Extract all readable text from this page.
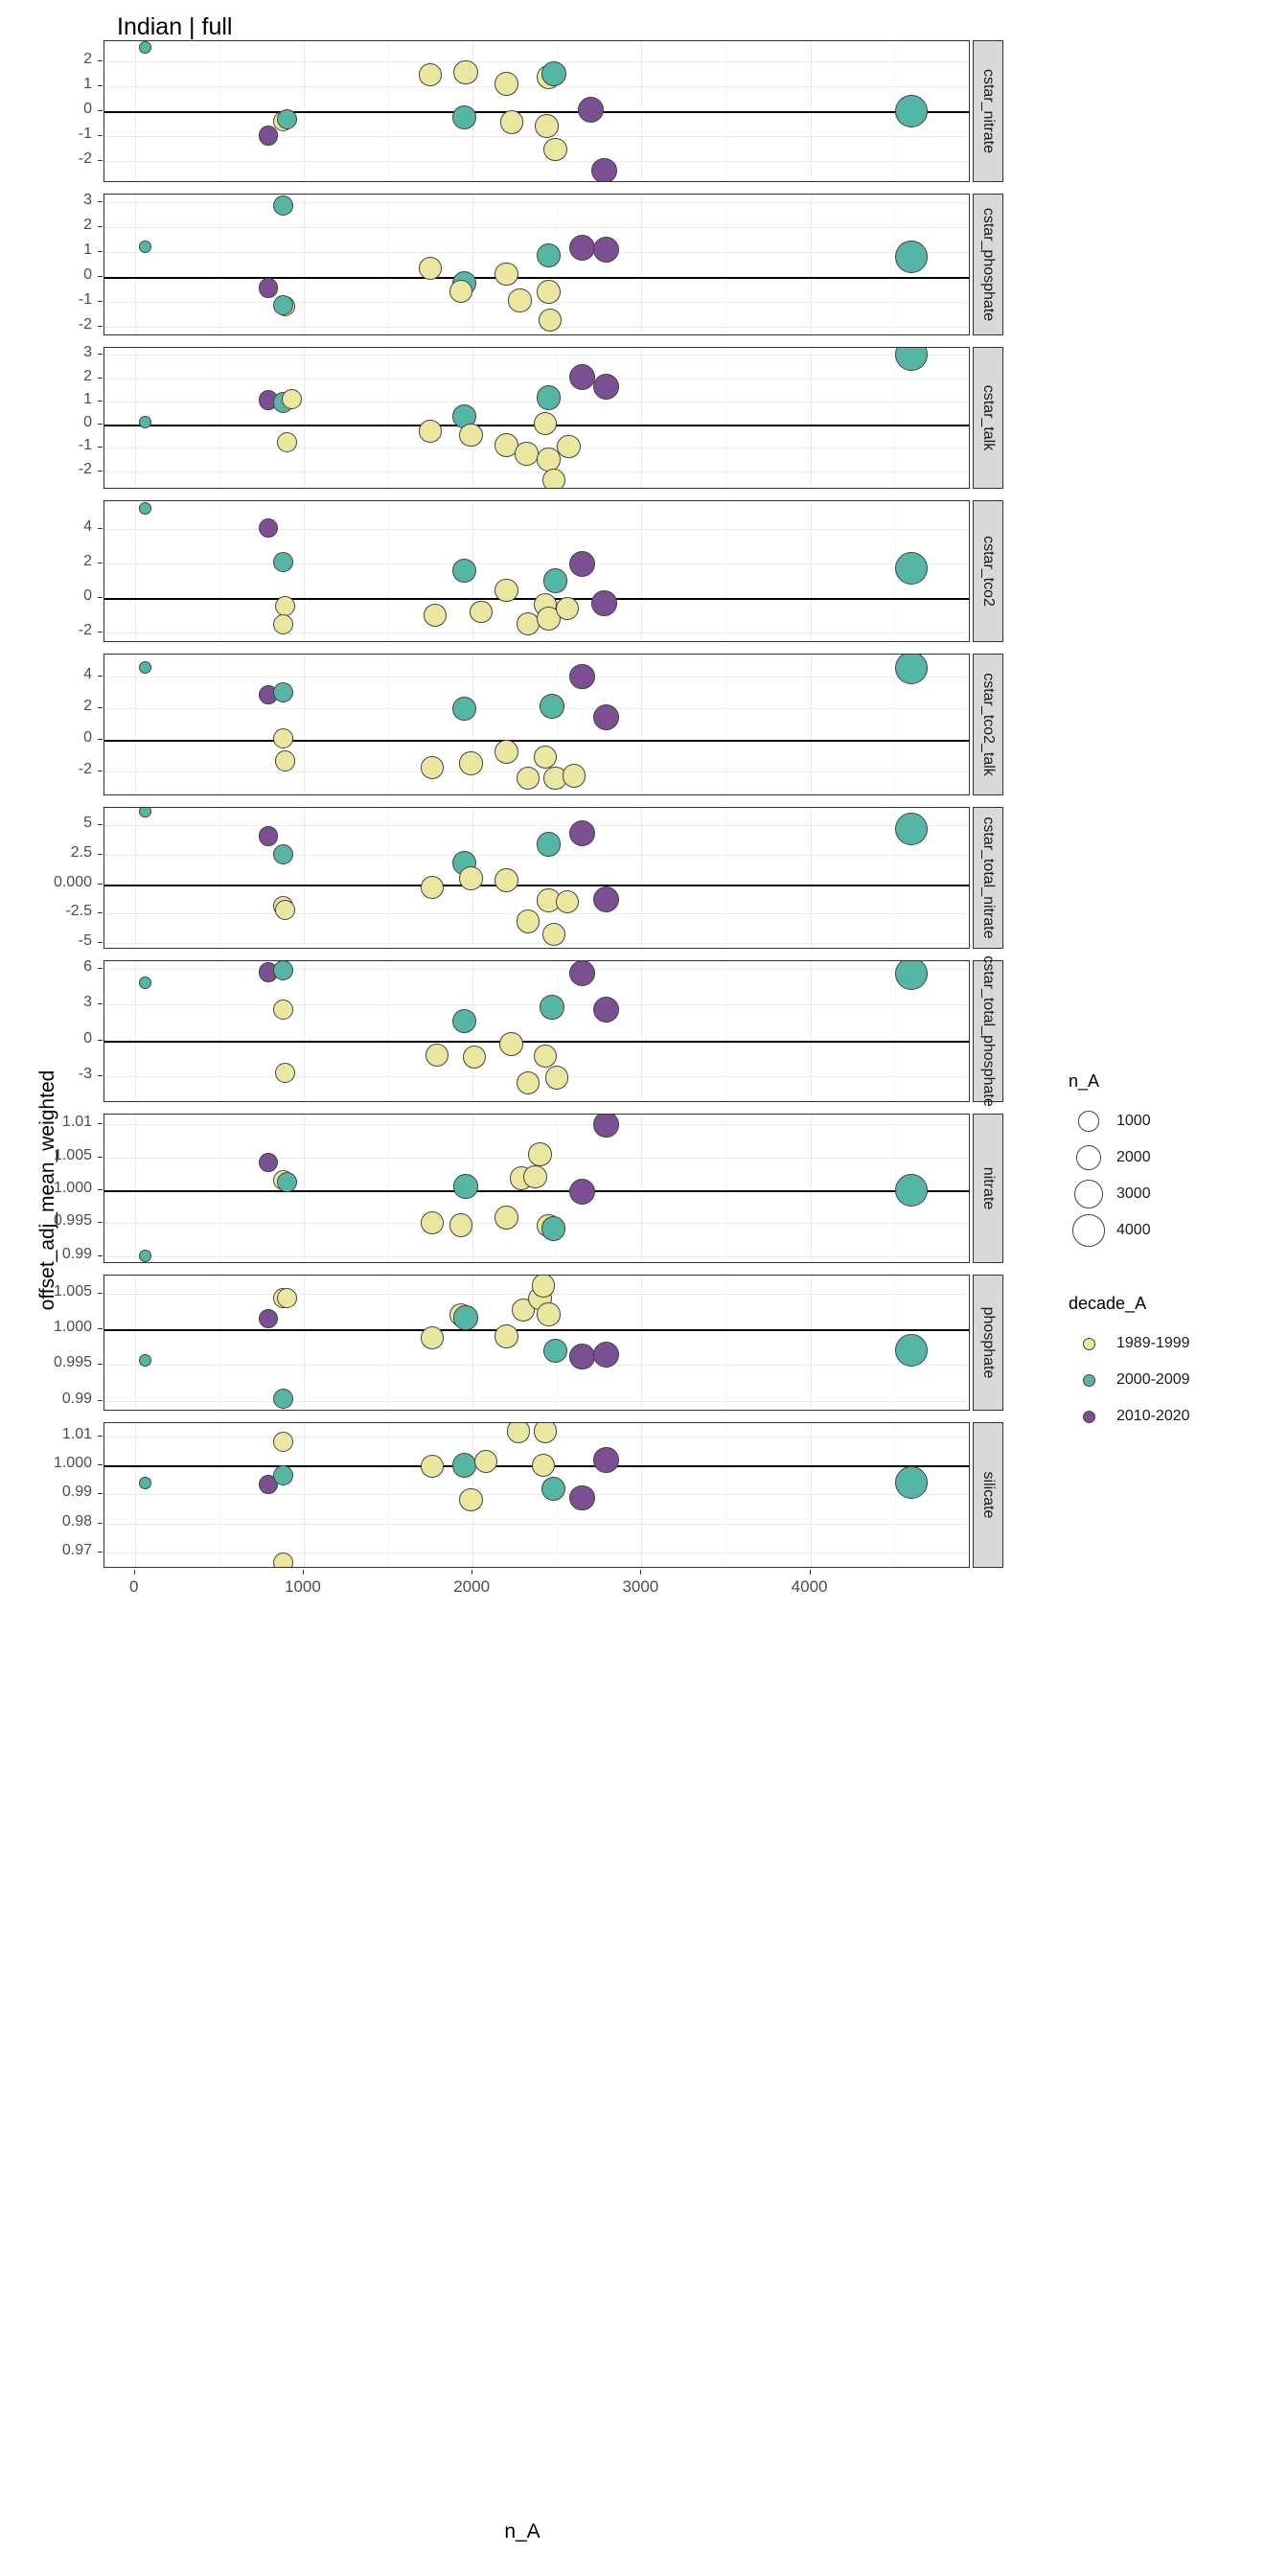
Indian | full
offset_adj_mean_weighted
n_A
cstar_nitrate
cstar_phosphate
cstar_talk
cstar_tco2
cstar_tco2_talk
cstar_total_nitrate
cstar_total_phosphate
nitrate
phosphate
silicate
0	1000	2000	3000	4000
n_A
1000
2000
3000
4000
decade_A
1989-1999
2000-2009
2010-2020
-2
-1
0
1
2
-2
-1
0
1
2
3
-2
-1
0
1
2
3
-2
0
2
4
-2
0
2
4
-5
-2.5
0.000
2.5
5
-3
0
3
6
0.99
0.995
1.000
1.005
1.01
0.99
0.995
1.000
1.005
0.97
0.98
0.99
1.000
1.01
